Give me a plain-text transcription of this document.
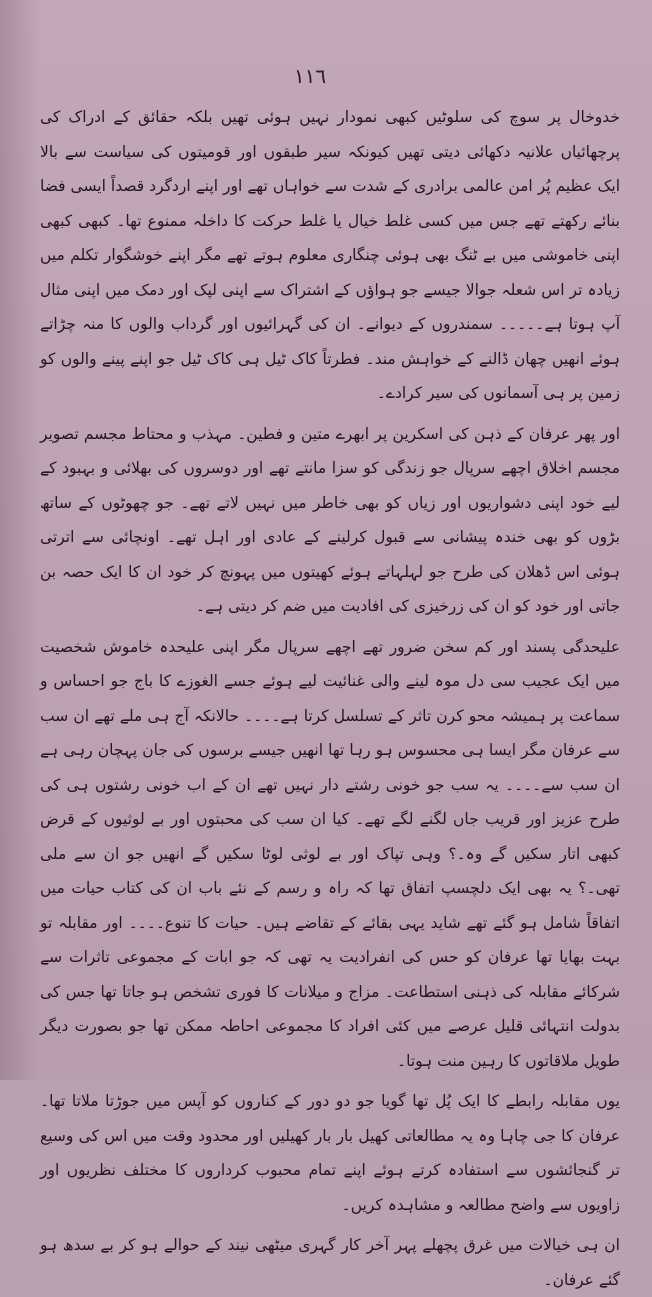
١١٦

خدوخال پر سوچ کی سلوٹیں کبھی نمودار نہیں ہوئی تھیں بلکہ حقائق کے ادراک کی پرچھائیاں علانیہ دکھائی دیتی تھیں کیونکہ سیر طبقوں اور قومیتوں کی سیاست سے بالا ایک عظیم پُر امن عالمی برادری کے شدت سے خواہاں تھے اور اپنے اردگرد قصداً ایسی فضا بنائے رکھتے تھے جس میں کسی غلط خیال یا غلط حرکت کا داخلہ ممنوع تھا۔ کبھی کبھی اپنی خاموشی میں بے ٹنگ بھی ہوئی چنگاری معلوم ہوتے تھے مگر اپنے خوشگوار تکلم میں زیادہ تر اس شعلہ جوالا جیسے جو ہواؤں کے اشتراک سے اپنی لپک اور دمک میں اپنی مثال آپ ہوتا ہے۔۔۔۔۔ سمندروں کے دیوانے۔ ان کی گہرائیوں اور گرداب والوں کا منہ چڑاتے ہوئے انھیں چھان ڈالنے کے خواہش مند۔ فطرتاً کاک ٹیل ہی کاک ٹیل جو اپنے پینے والوں کو زمین پر ہی آسمانوں کی سیر کرادے۔

اور پھر عرفان کے ذہن کی اسکرین پر ابھرے متین و فطین۔ مہذب و محتاط مجسم تصویر مجسم اخلاق اچھے سرپال جو زندگی کو سزا مانتے تھے اور دوسروں کی بھلائی و بہبود کے لیے خود اپنی دشواریوں اور زیاں کو بھی خاطر میں نہیں لاتے تھے۔ جو چھوٹوں کے ساتھ بڑوں کو بھی خندہ پیشانی سے قبول کرلینے کے عادی اور اہل تھے۔ اونچائی سے اترتی ہوئی اس ڈھلان کی طرح جو لہلہاتے ہوئے کھیتوں میں پہونچ کر خود ان کا ایک حصہ بن جاتی اور خود کو ان کی زرخیزی کی افادیت میں ضم کر دیتی ہے۔

علیحدگی پسند اور کم سخن ضرور تھے اچھے سرپال مگر اپنی علیحدہ خاموش شخصیت میں ایک عجیب سی دل موہ لینے والی غنائیت لیے ہوئے جسے الغوزے کا باج جو احساس و سماعت پر ہمیشہ محو کرن تاثر کے تسلسل کرتا ہے۔۔۔۔ حالانکہ آج ہی ملے تھے ان سب سے عرفان مگر ایسا ہی محسوس ہو رہا تھا انھیں جیسے برسوں کی جان پہچان رہی ہے ان سب سے۔۔۔۔ یہ سب جو خونی رشتے دار نہیں تھے ان کے اب خونی رشتوں ہی کی طرح عزیز اور قریب جاں لگنے لگے تھے۔ کیا ان سب کی محبتوں اور بے لوثیوں کے قرض کبھی اتار سکیں گے وہ۔؟ وہی تپاک اور بے لوثی لوٹا سکیں گے انھیں جو ان سے ملی تھی۔؟ یہ بھی ایک دلچسپ اتفاق تھا کہ راہ و رسم کے نئے باب ان کی کتاب حیات میں اتفاقاً شامل ہو گئے تھے شاید یہی بقائے کے تقاضے ہیں۔ حیات کا تنوع۔۔۔۔ اور مقابلہ تو بہت بھایا تھا عرفان کو حس کی انفرادیت یہ تھی کہ جو ابات کے مجموعی تاثرات سے شرکائے مقابلہ کی ذہنی استطاعت۔ مزاج و میلانات کا فوری تشخص ہو جاتا تھا جس کی بدولت انتہائی قلیل عرصے میں کئی افراد کا مجموعی احاطہ ممکن تھا جو بصورت دیگر طویل ملاقاتوں کا رہین منت ہوتا۔

یوں مقابلہ رابطے کا ایک پُل تھا گویا جو دو دور کے کناروں کو آپس میں جوڑتا ملاتا تھا۔ عرفان کا جی چاہا وہ یہ مطالعاتی کھیل بار بار کھیلیں اور محدود وقت میں اس کی وسیع تر گنجائشوں سے استفادہ کرتے ہوئے اپنے تمام محبوب کرداروں کا مختلف نظریوں اور زاویوں سے واضح مطالعہ و مشاہدہ کریں۔

ان ہی خیالات میں غرق پچھلے پہر آخر کار گہری میٹھی نیند کے حوالے ہو کر بے سدھ ہو گئے عرفان۔
